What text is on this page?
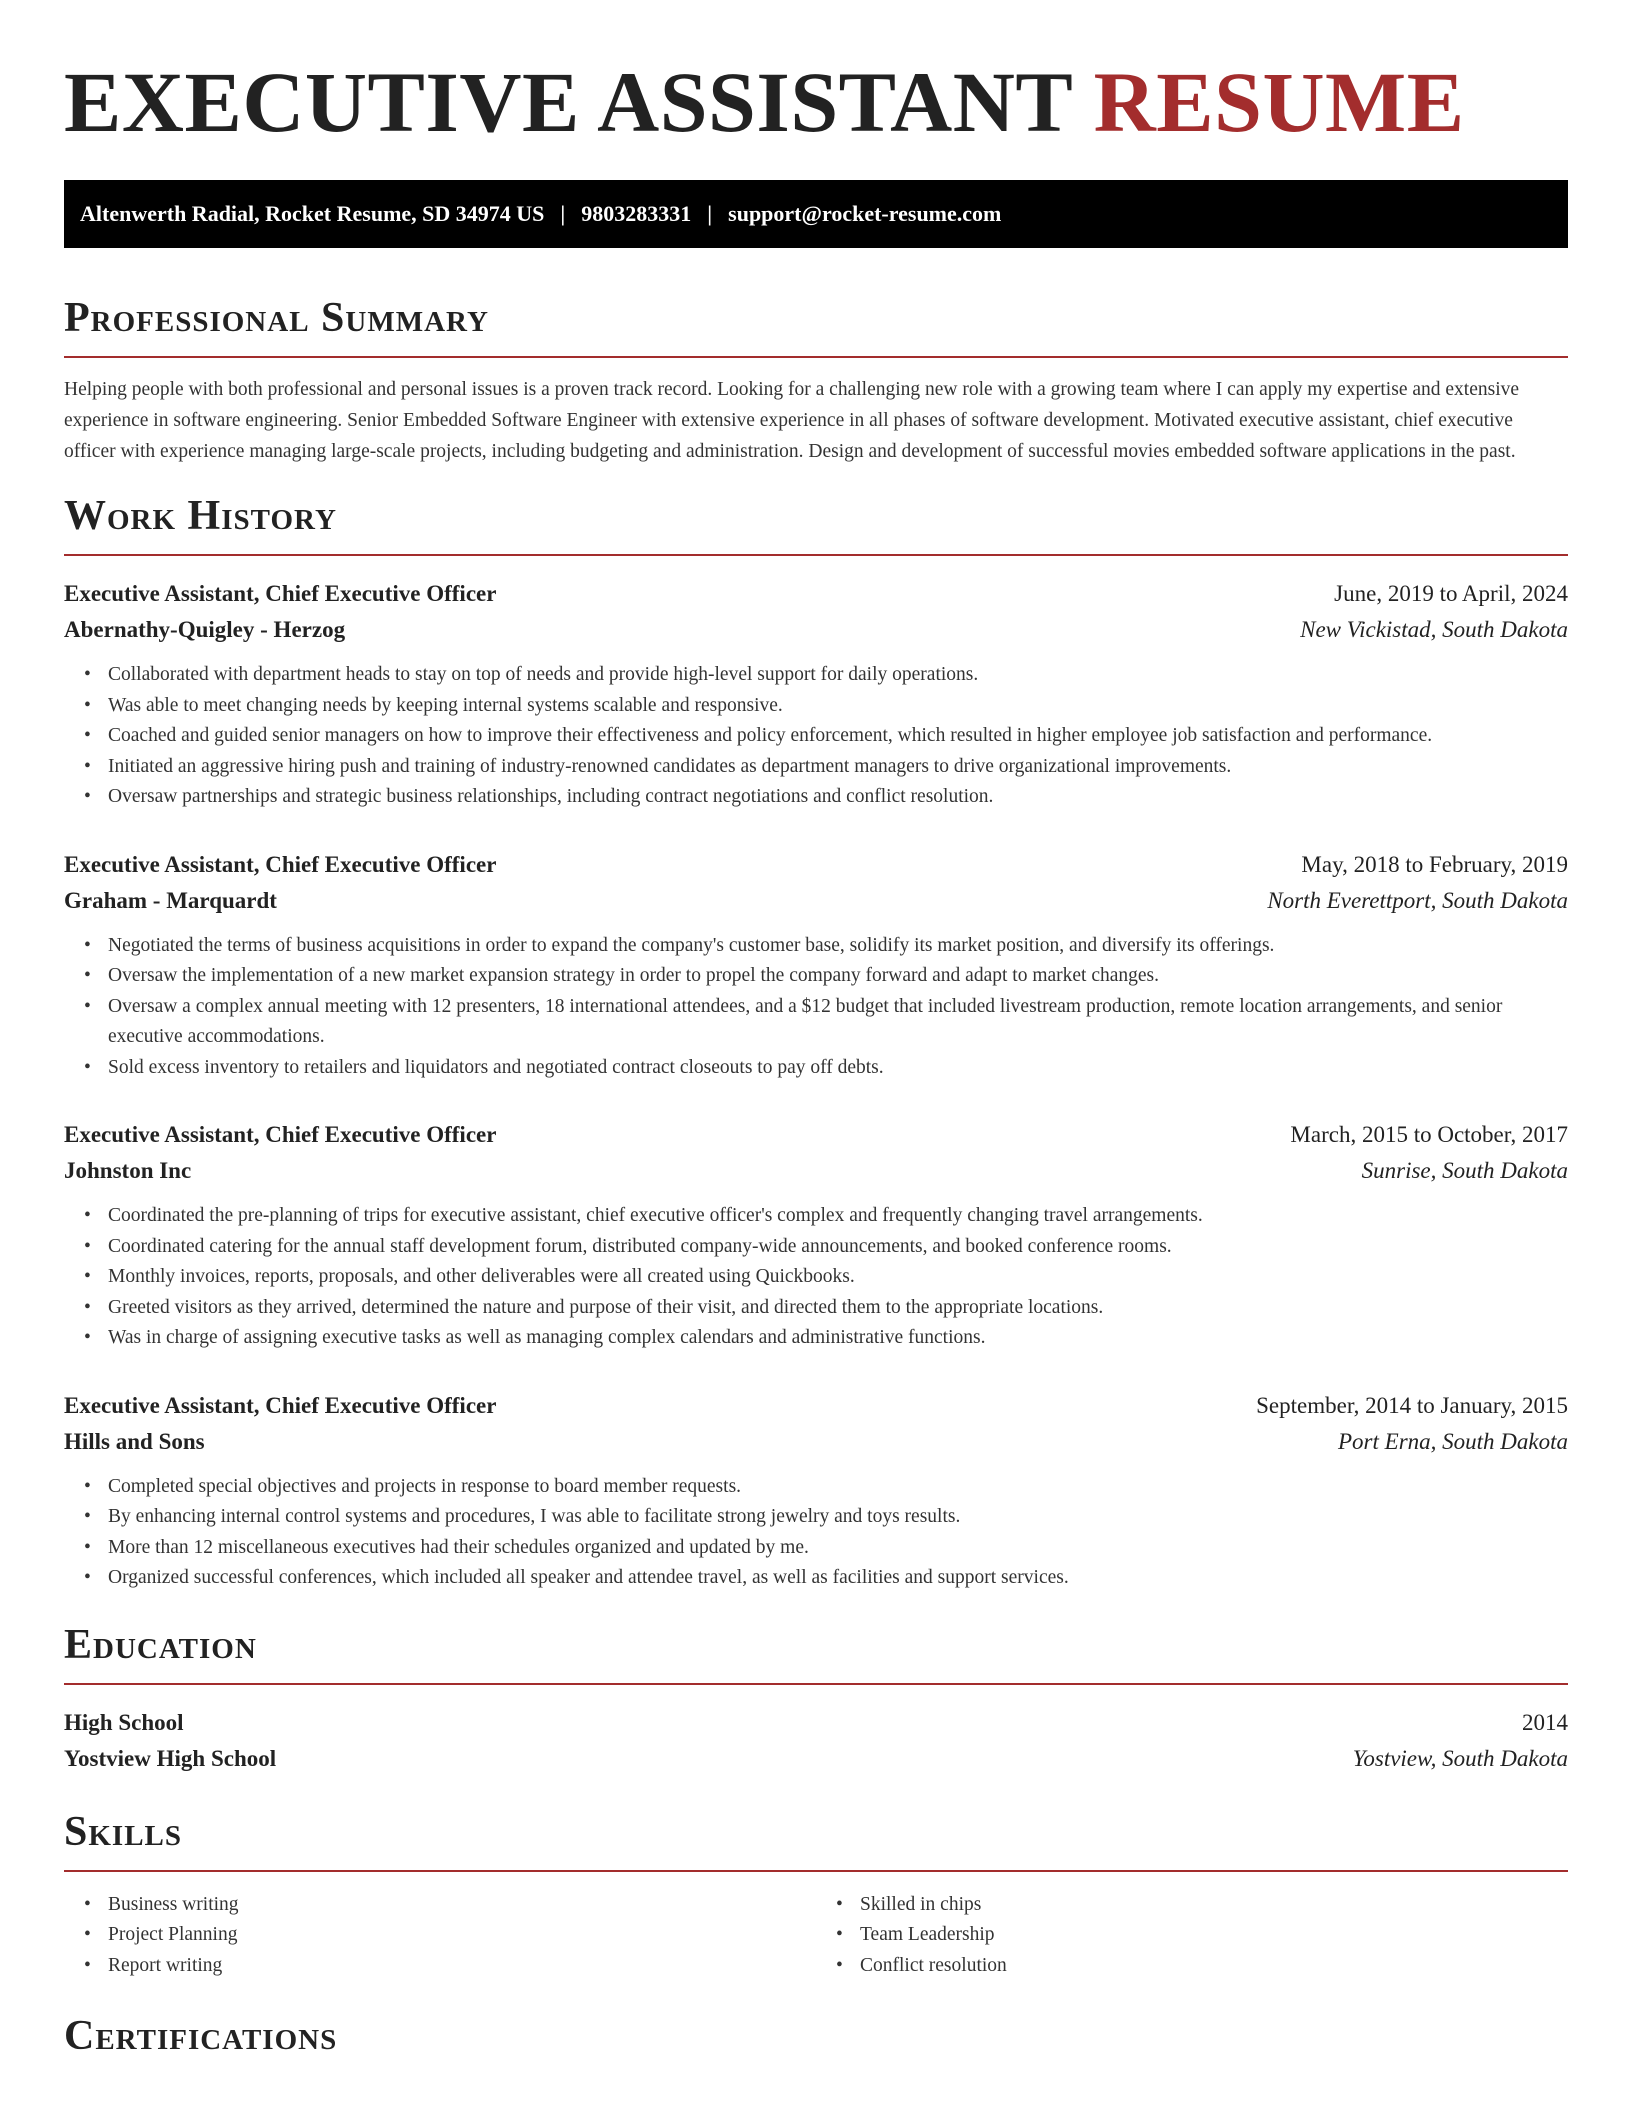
EXECUTIVE ASSISTANT RESUME
Altenwerth Radial, Rocket Resume, SD 34974 US | 9803283331 | support@rocket-resume.com
Professional Summary

Helping people with both professional and personal issues is a proven track record. Looking for a challenging new role with a growing team where I can apply my expertise and extensive experience in software engineering. Senior Embedded Software Engineer with extensive experience in all phases of software development. Motivated executive assistant, chief executive officer with experience managing large-scale projects, including budgeting and administration. Design and development of successful movies embedded software applications in the past.

Work History
Executive Assistant, Chief Executive Officer	June, 2019 to April, 2024
Abernathy-Quigley - Herzog	New Vickistad, South Dakota
• Collaborated with department heads to stay on top of needs and provide high-level support for daily operations.
• Was able to meet changing needs by keeping internal systems scalable and responsive.
• Coached and guided senior managers on how to improve their effectiveness and policy enforcement, which resulted in higher employee job satisfaction and performance.
• Initiated an aggressive hiring push and training of industry-renowned candidates as department managers to drive organizational improvements.
• Oversaw partnerships and strategic business relationships, including contract negotiations and conflict resolution.
Executive Assistant, Chief Executive Officer	May, 2018 to February, 2019
Graham - Marquardt	North Everettport, South Dakota
• Negotiated the terms of business acquisitions in order to expand the company's customer base, solidify its market position, and diversify its offerings.
• Oversaw the implementation of a new market expansion strategy in order to propel the company forward and adapt to market changes.
• Oversaw a complex annual meeting with 12 presenters, 18 international attendees, and a $12 budget that included livestream production, remote location arrangements, and senior executive accommodations.
• Sold excess inventory to retailers and liquidators and negotiated contract closeouts to pay off debts.
Executive Assistant, Chief Executive Officer	March, 2015 to October, 2017
Johnston Inc	Sunrise, South Dakota
• Coordinated the pre-planning of trips for executive assistant, chief executive officer's complex and frequently changing travel arrangements.
• Coordinated catering for the annual staff development forum, distributed company-wide announcements, and booked conference rooms.
• Monthly invoices, reports, proposals, and other deliverables were all created using Quickbooks.
• Greeted visitors as they arrived, determined the nature and purpose of their visit, and directed them to the appropriate locations.
• Was in charge of assigning executive tasks as well as managing complex calendars and administrative functions.
Executive Assistant, Chief Executive Officer	September, 2014 to January, 2015
Hills and Sons	Port Erna, South Dakota
• Completed special objectives and projects in response to board member requests.
• By enhancing internal control systems and procedures, I was able to facilitate strong jewelry and toys results.
• More than 12 miscellaneous executives had their schedules organized and updated by me.
• Organized successful conferences, which included all speaker and attendee travel, as well as facilities and support services.
Education
High School	2014
Yostview High School	Yostview, South Dakota
Skills
• Business writing
• Project Planning
• Report writing
• Skilled in chips
• Team Leadership
• Conflict resolution
Certifications
